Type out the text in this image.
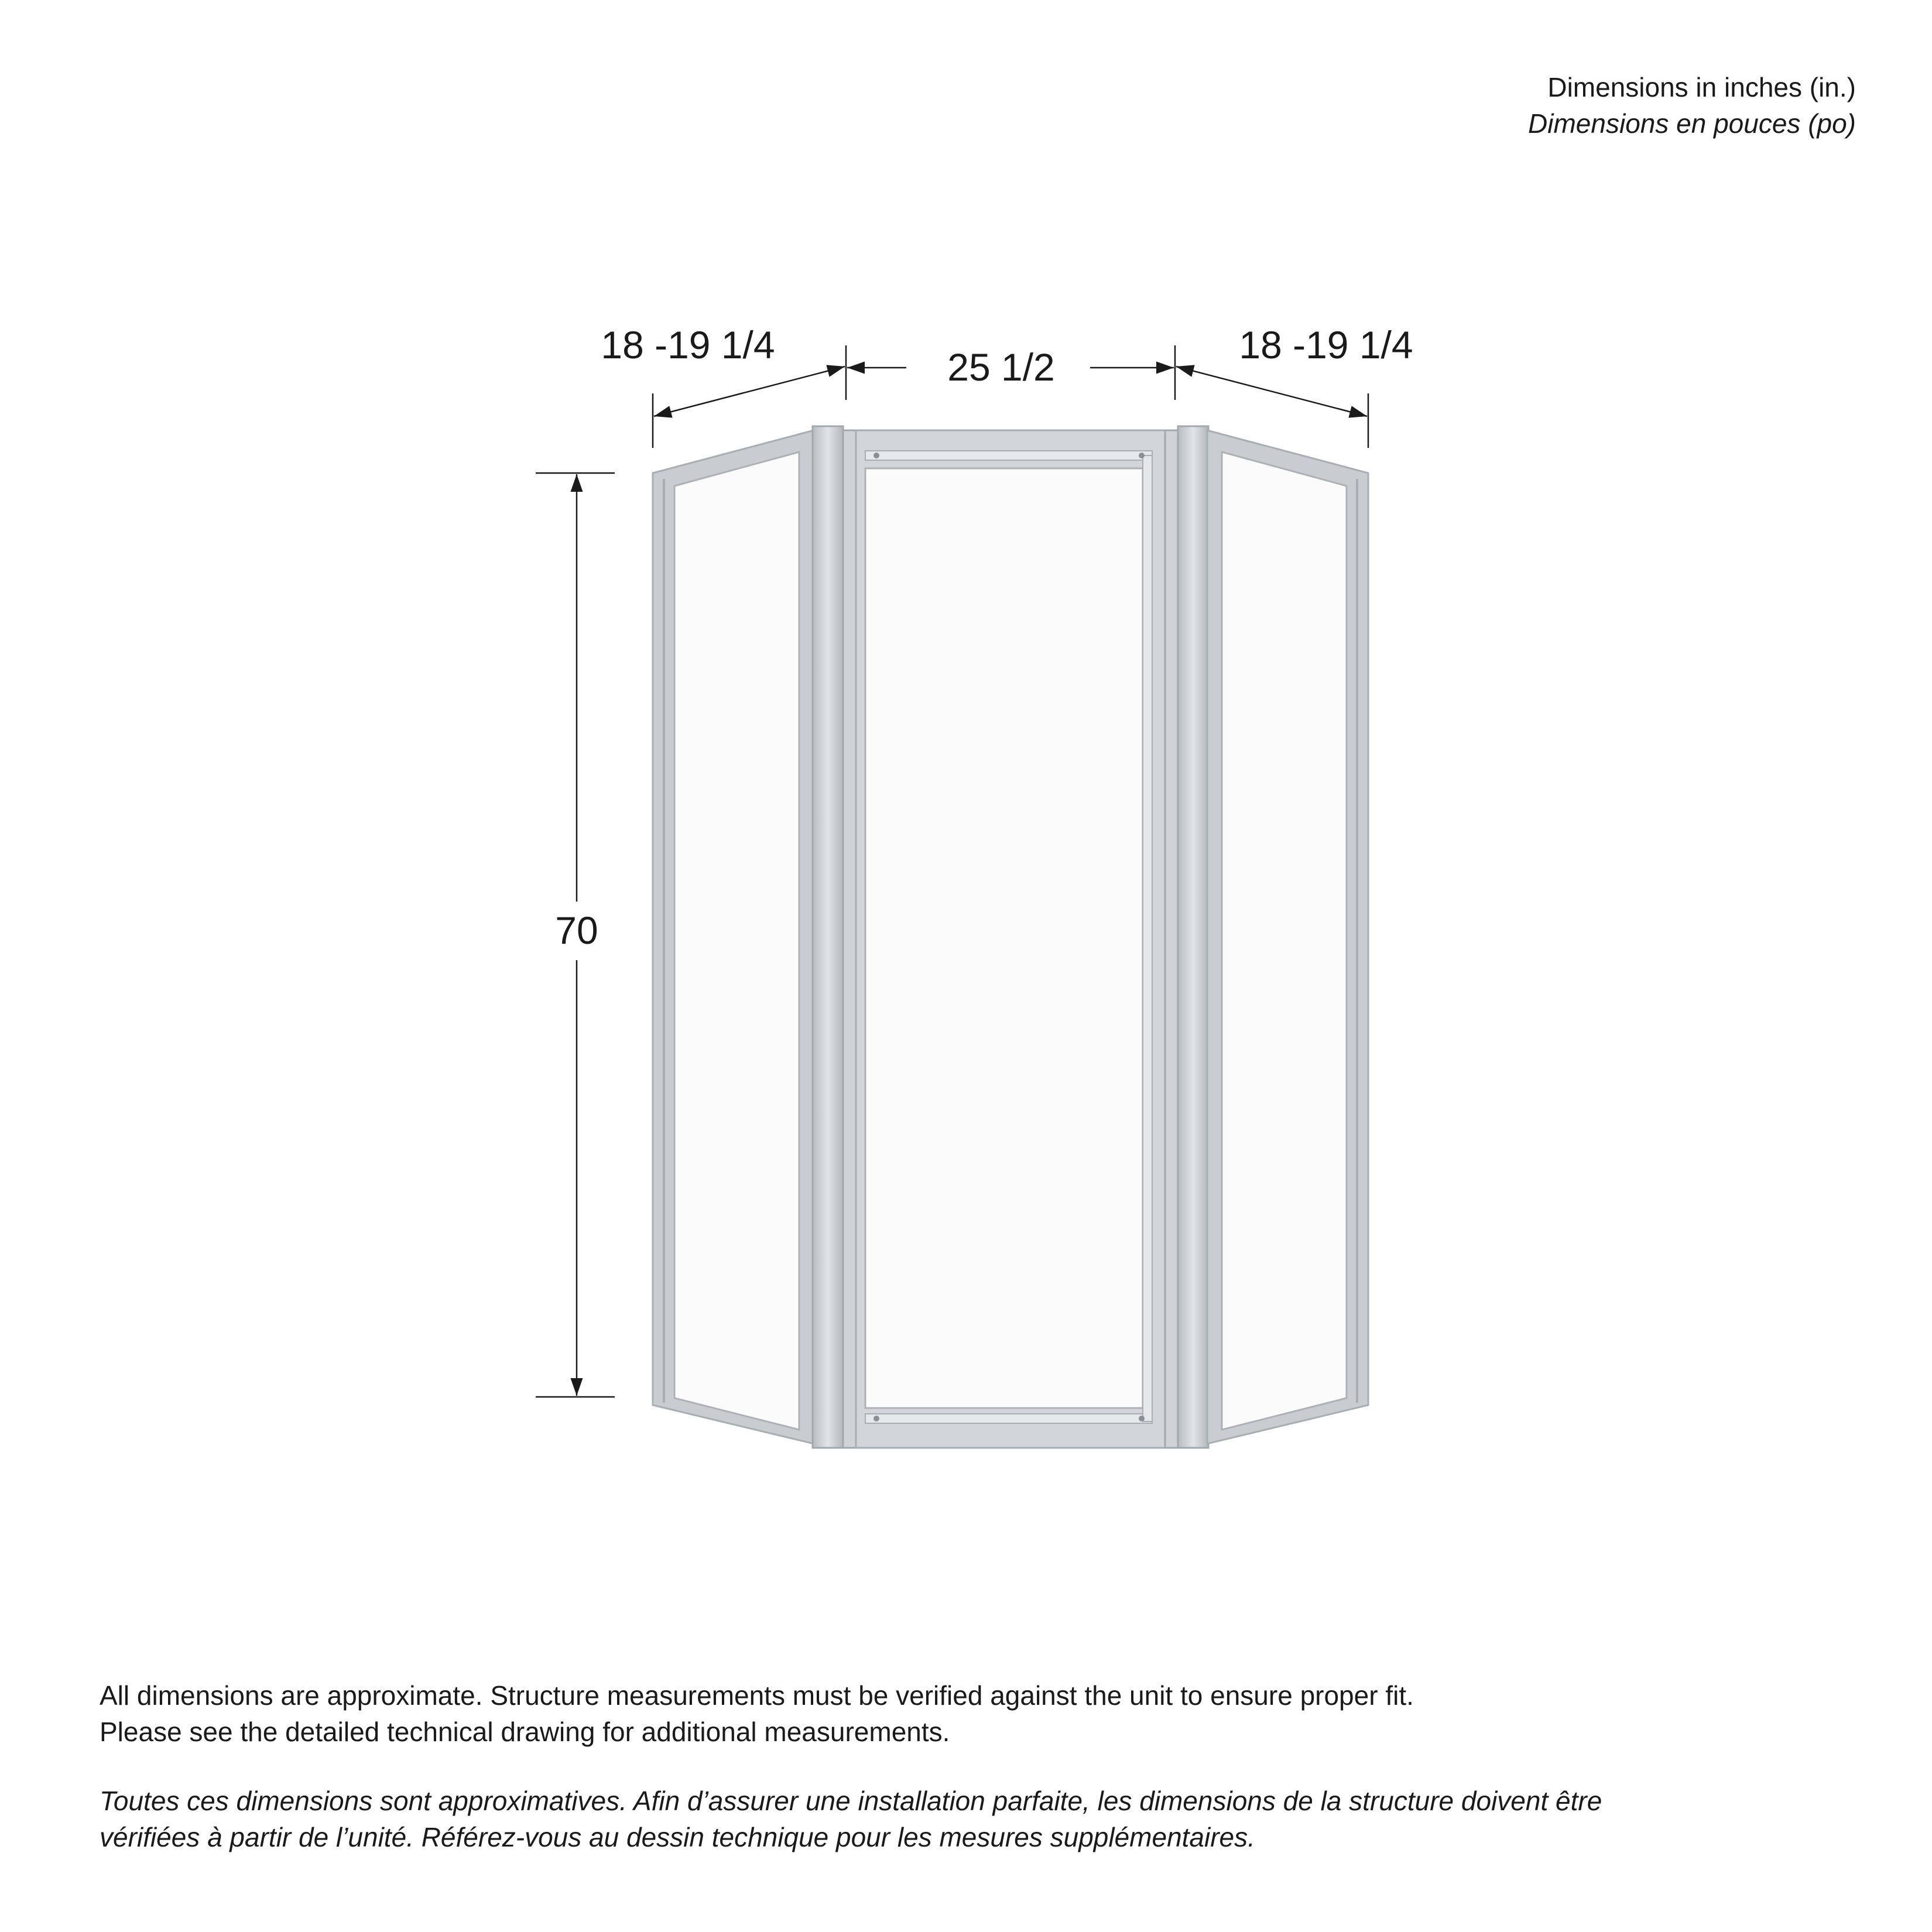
Dimensions in inches (in.)
Dimensions en pouces (po)
18 -19 1/4
25 1/2
18 -19 1/4
70

All dimensions are approximate. Structure measurements must be verified against the unit to ensure proper fit.

Please see the detailed technical drawing for additional measurements.

Toutes ces dimensions sont approximatives. Afin d’assurer une installation parfaite, les dimensions de la structure doivent être

vérifiées à partir de l’unité. Référez-vous au dessin technique pour les mesures supplémentaires.
